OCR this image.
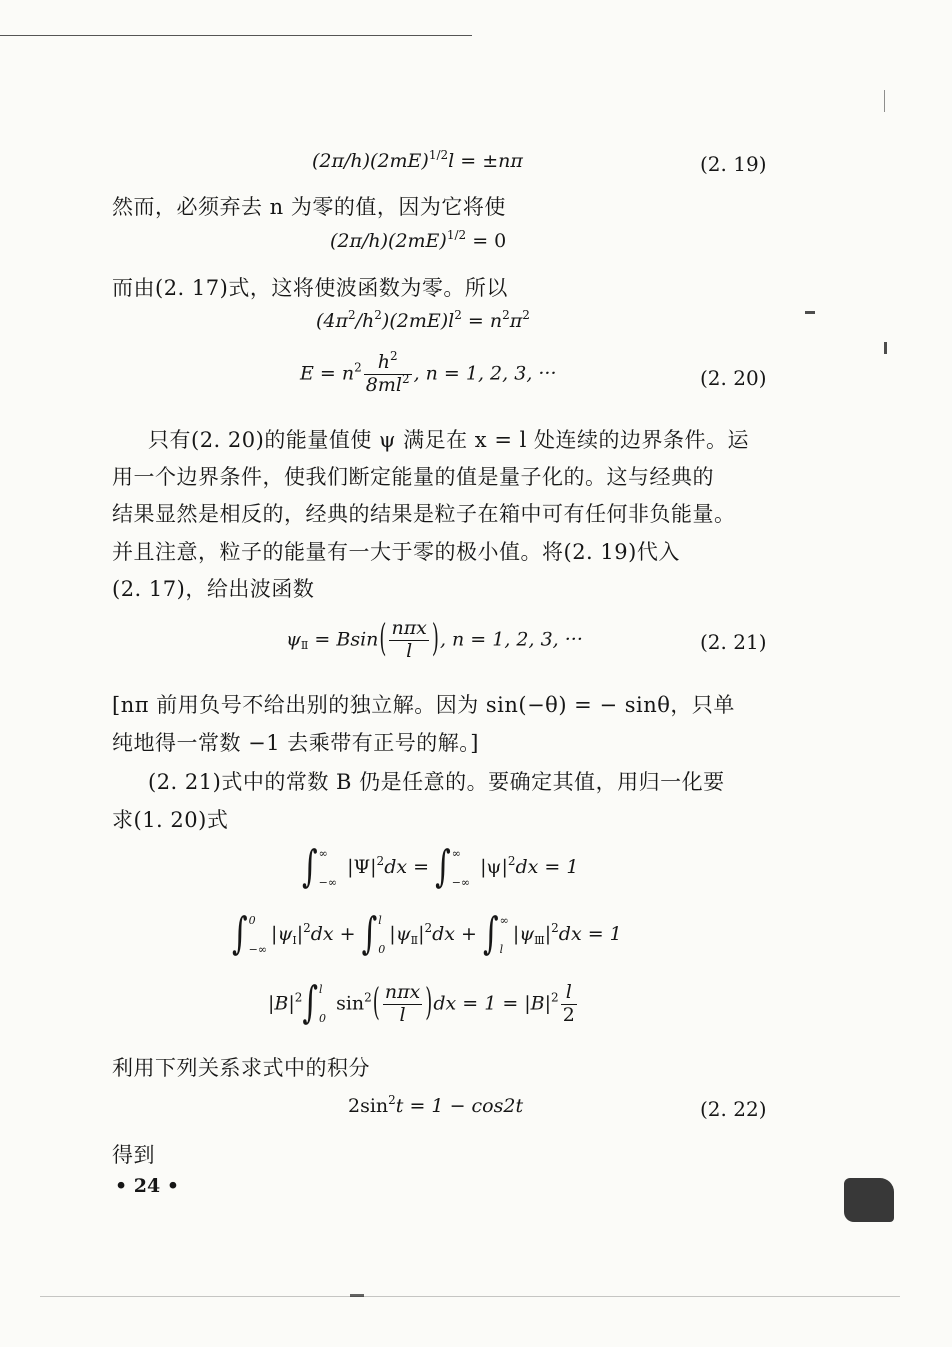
$(2\pi/h)(2mE)^{1/2}l = \pm n\pi$	(2. 19)
然而，必须弃去 n 为零的值，因为它将使
$(2\pi/h)(2mE)^{1/2} = 0$
而由(2. 17)式，这将使波函数为零。所以
$(4\pi^2/h^2)(2mE)l^2 = n^2\pi^2$
$E = n^2 \frac{h^2}{8ml^2}$ , n = 1, 2, 3, ···	(2. 20)
只有(2. 20)的能量值使 ψ 满足在 x = l 处连续的边界条件。运
用一个边界条件，使我们断定能量的值是量子化的。这与经典的
结果显然是相反的，经典的结果是粒子在箱中可有任何非负能量。
并且注意，粒子的能量有一大于零的极小值。将(2. 19)代入
(2. 17)，给出波函数
$\psi_Ⅱ = Bsin( \frac{\text{nπx}}{l}$ ), n = 1, 2, 3, ···	(2. 21)
[nπ 前用负号不给出别的独立解。因为 sin(−θ) = − sinθ，只单
纯地得一常数 −1 去乘带有正号的解。]
(2. 21)式中的常数 B 仍是任意的。要确定其值，用归一化要
求(1. 20)式
∫ ∞
−∞
$|\Psi|^2dx$ = ∫ ∞
−∞
$|\psi|^2dx = 1$
∫ 0
−∞
$|\psi_Ⅰ|^2dx$ + ∫ l
0
$|\psi_Ⅱ|^2dx$ + ∫ ∞
l
$|\psi_Ⅲ|^2dx = 1$
$|B|^2\int$ l
0
$\sin^2( \frac{\text{nπx}}{l} )dx = 1 = |B|^2 \frac{l}{2}$
利用下列关系求式中的积分
$2\sin^2t = 1 - \cos 2t$	(2. 22)
得到
• 24 •
